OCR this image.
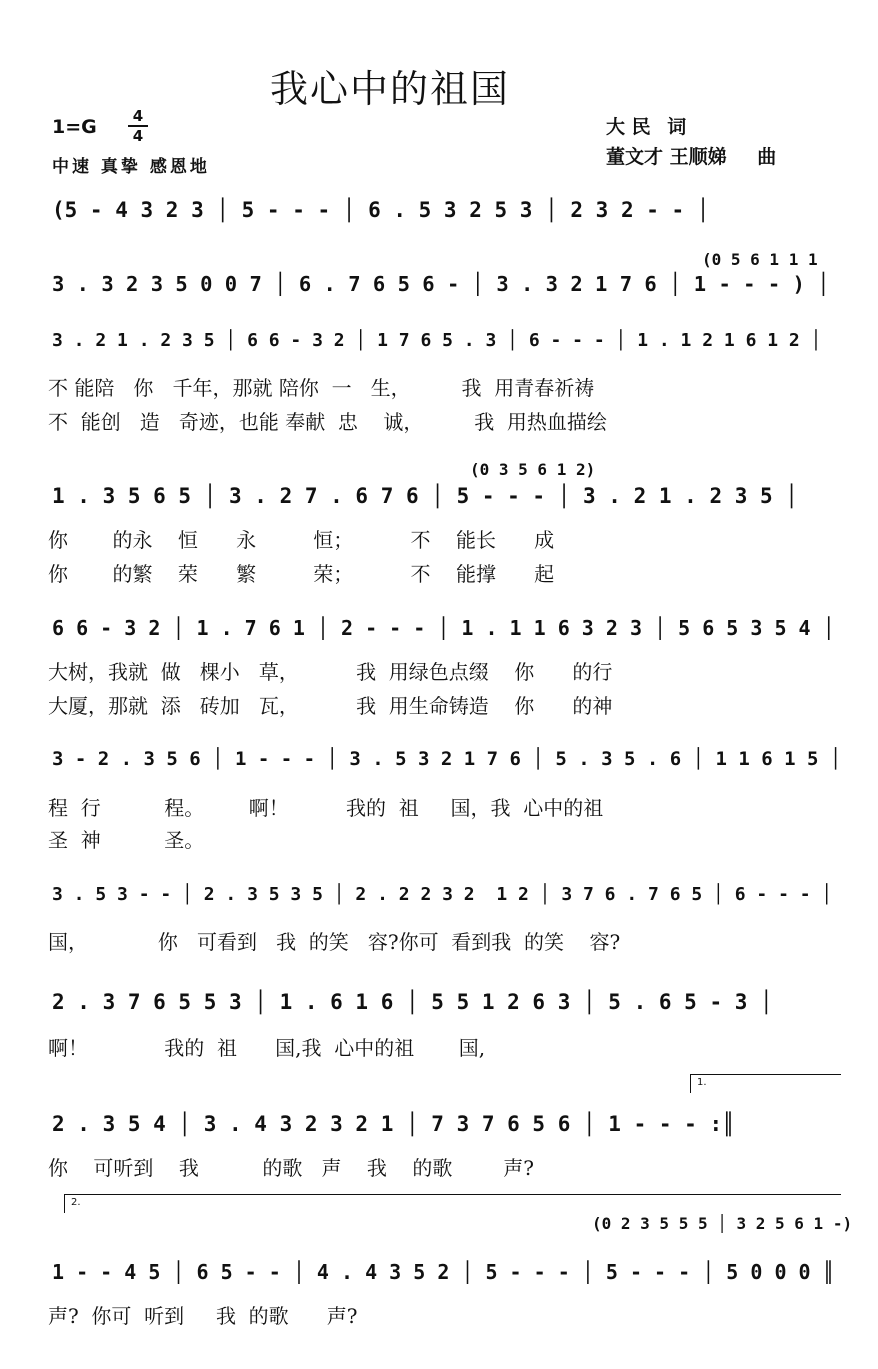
我心中的祖国
1=G	4
4
中速 真挚 感恩地
大 民 词
董文才 王顺娣 曲
(5 - 4 3 2 3 │ 5 - - - │ 6 . 5 3 2 5 3 │ 2 3 2 - - │
(0 5 6 1 1 1
3 . 3 2 3 5 0 0 7 │ 6 . 7 6 5 6 - │ 3 . 3 2 1 7 6 │ 1 - - - ) │
3 . 2 1 . 2 3 5 │ 6 6 - 3 2 │ 1 7 6 5 . 3 │ 6 - - - │ 1 . 1 2 1 6 1 2 │
不 能陪   你   千年，那就 陪你  一   生，        我  用青春祈祷
不  能创   造   奇迹，也能 奉献  忠    诚，        我  用热血描绘
(0 3 5 6 1 2)
1 . 3 5 6 5 │ 3 . 2 7 . 6 7 6 │ 5 - - - │ 3 . 2 1 . 2 3 5 │
你       的永    恒      永         恒；         不    能长      成
你       的繁    荣      繁         荣；         不    能撑      起
6 6 - 3 2 │ 1 . 7 6 1 │ 2 - - - │ 1 . 1 1 6 3 2 3 │ 5 6 5 3 5 4 │
大树，我就  做   棵小   草，         我  用绿色点缀    你      的行
大厦，那就  添   砖加   瓦，         我  用生命铸造    你      的神
3 - 2 . 3 5 6 │ 1 - - - │ 3 . 5 3 2 1 7 6 │ 5 . 3 5 . 6 │ 1 1 6 1 5 │
程  行          程。       啊！         我的  祖     国，我  心中的祖
圣  神          圣。
3 . 5 3 - - │ 2 . 3 5 3 5 │ 2 . 2 2 3 2  1 2 │ 3 7 6 . 7 6 5 │ 6 - - - │
国，           你   可看到   我  的笑   容?你可  看到我  的笑    容?
2 . 3 7 6 5 5 3 │ 1 . 6 1 6 │ 5 5 1 2 6 3 │ 5 . 6 5 - 3 │
啊！            我的  祖      国,我  心中的祖       国,
1.
2 . 3 5 4 │ 3 . 4 3 2 3 2 1 │ 7 3 7 6 5 6 │ 1 - - - :║
你    可听到    我          的歌   声    我    的歌        声?
2.
(0 2 3 5 5 5 │ 3 2 5 6 1 -)
1 - - 4 5 │ 6 5 - - │ 4 . 4 3 5 2 │ 5 - - - │ 5 - - - │ 5 0 0 0 ║
声?  你可  听到     我  的歌      声?
